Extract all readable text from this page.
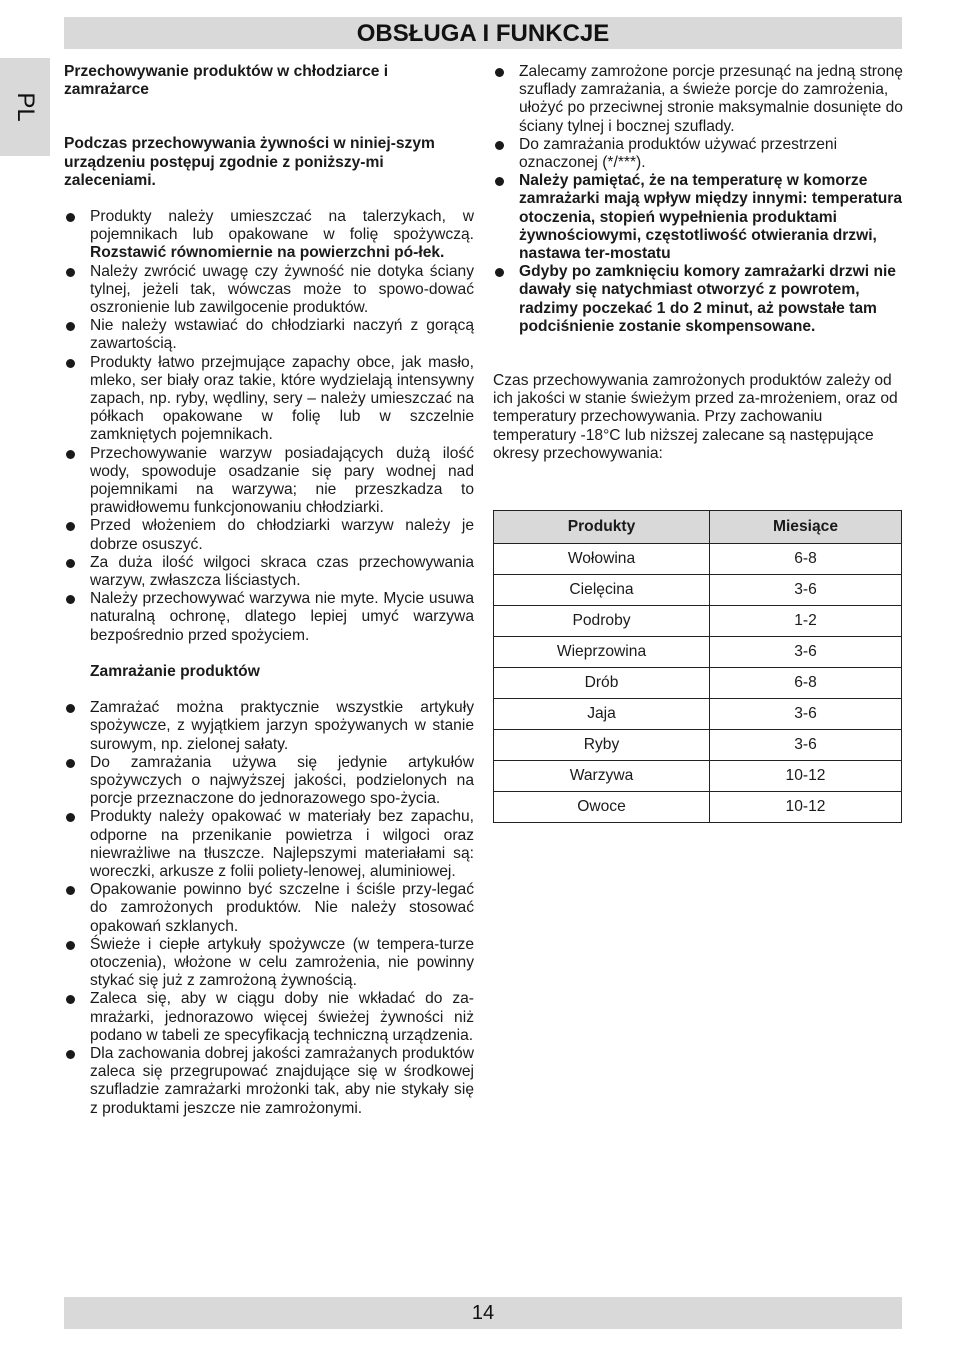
OBSŁUGA I FUNKCJE
PL

Przechowywanie produktów w chłodziarce i zamrażarce

Podczas przechowywania żywności w niniej-szym urządzeniu postępuj zgodnie z poniższy-mi zaleceniami.

Produkty należy umieszczać na talerzykach, w pojemnikach lub opakowane w folię spożywczą. Rozstawić równomiernie na powierzchni pó-łek.
Należy zwrócić uwagę czy żywność nie dotyka ściany tylnej, jeżeli tak, wówczas może to spowo-dować oszronienie lub zawilgocenie produktów.
Nie należy wstawiać do chłodziarki naczyń z gorącą zawartością.
Produkty łatwo przejmujące zapachy obce, jak masło, mleko, ser biały oraz takie, które wydzielają intensywny zapach, np. ryby, wędliny, sery – należy umieszczać na półkach opakowane w folię lub w szczelnie zamkniętych pojemnikach.
Przechowywanie warzyw posiadających dużą ilość wody, spowoduje osadzanie się pary wodnej nad pojemnikami na warzywa; nie przeszkadza to prawidłowemu funkcjonowaniu chłodziarki.
Przed włożeniem do chłodziarki warzyw należy je dobrze osuszyć.
Za duża ilość wilgoci skraca czas przechowywania warzyw, zwłaszcza liściastych.
Należy przechowywać warzywa nie myte. Mycie usuwa naturalną ochronę, dlatego lepiej umyć warzywa bezpośrednio przed spożyciem.

Zamrażanie produktów

Zamrażać można praktycznie wszystkie artykuły spożywcze, z wyjątkiem jarzyn spożywanych w stanie surowym, np. zielonej sałaty.
Do zamrażania używa się jedynie artykułów spożywczych o najwyższej jakości, podzielonych na porcje przeznaczone do jednorazowego spo-życia.
Produkty należy opakować w materiały bez zapachu, odporne na przenikanie powietrza i wilgoci oraz niewrażliwe na tłuszcze. Najlepszymi materiałami są: woreczki, arkusze z folii poliety-lenowej, aluminiowej.
Opakowanie powinno być szczelne i ściśle przy-legać do zamrożonych produktów. Nie należy stosować opakowań szklanych.
Świeże i ciepłe artykuły spożywcze (w tempera-turze otoczenia), włożone w celu zamrożenia, nie powinny stykać się już z zamrożoną żywnością.
Zaleca się, aby w ciągu doby nie wkładać do za-mrażarki, jednorazowo więcej świeżej żywności niż podano w tabeli ze specyfikacją techniczną urządzenia.
Dla zachowania dobrej jakości zamrażanych produktów zaleca się przegrupować znajdujące się w środkowej szufladzie zamrażarki mrożonki tak, aby nie stykały się z produktami jeszcze nie zamrożonymi.
Zalecamy zamrożone porcje przesunąć na jedną stronę szuflady zamrażania, a świeże porcje do zamrożenia, ułożyć po przeciwnej stronie maksymalnie dosunięte do ściany tylnej i bocznej szuflady.
Do zamrażania produktów używać przestrzeni oznaczonej (*/***).
Należy pamiętać, że na temperaturę w komorze zamrażarki mają wpływ między innymi: temperatura otoczenia, stopień wypełnienia produktami żywnościowymi, częstotliwość otwierania drzwi, nastawa ter-mostatu
Gdyby po zamknięciu komory zamrażarki drzwi nie dawały się natychmiast otworzyć z powrotem, radzimy poczekać 1 do 2 minut, aż powstałe tam podciśnienie zostanie skompensowane.

Czas przechowywania zamrożonych produktów zależy od ich jakości w stanie świeżym przed za-mrożeniem, oraz od temperatury przechowywania. Przy zachowaniu temperatury -18°C lub niższej zalecane są następujące okresy przechowywania:

Produkty	Miesiące
Wołowina	6-8
Cielęcina	3-6
Podroby	1-2
Wieprzowina	3-6
Drób	6-8
Jaja	3-6
Ryby	3-6
Warzywa	10-12
Owoce	10-12
14
